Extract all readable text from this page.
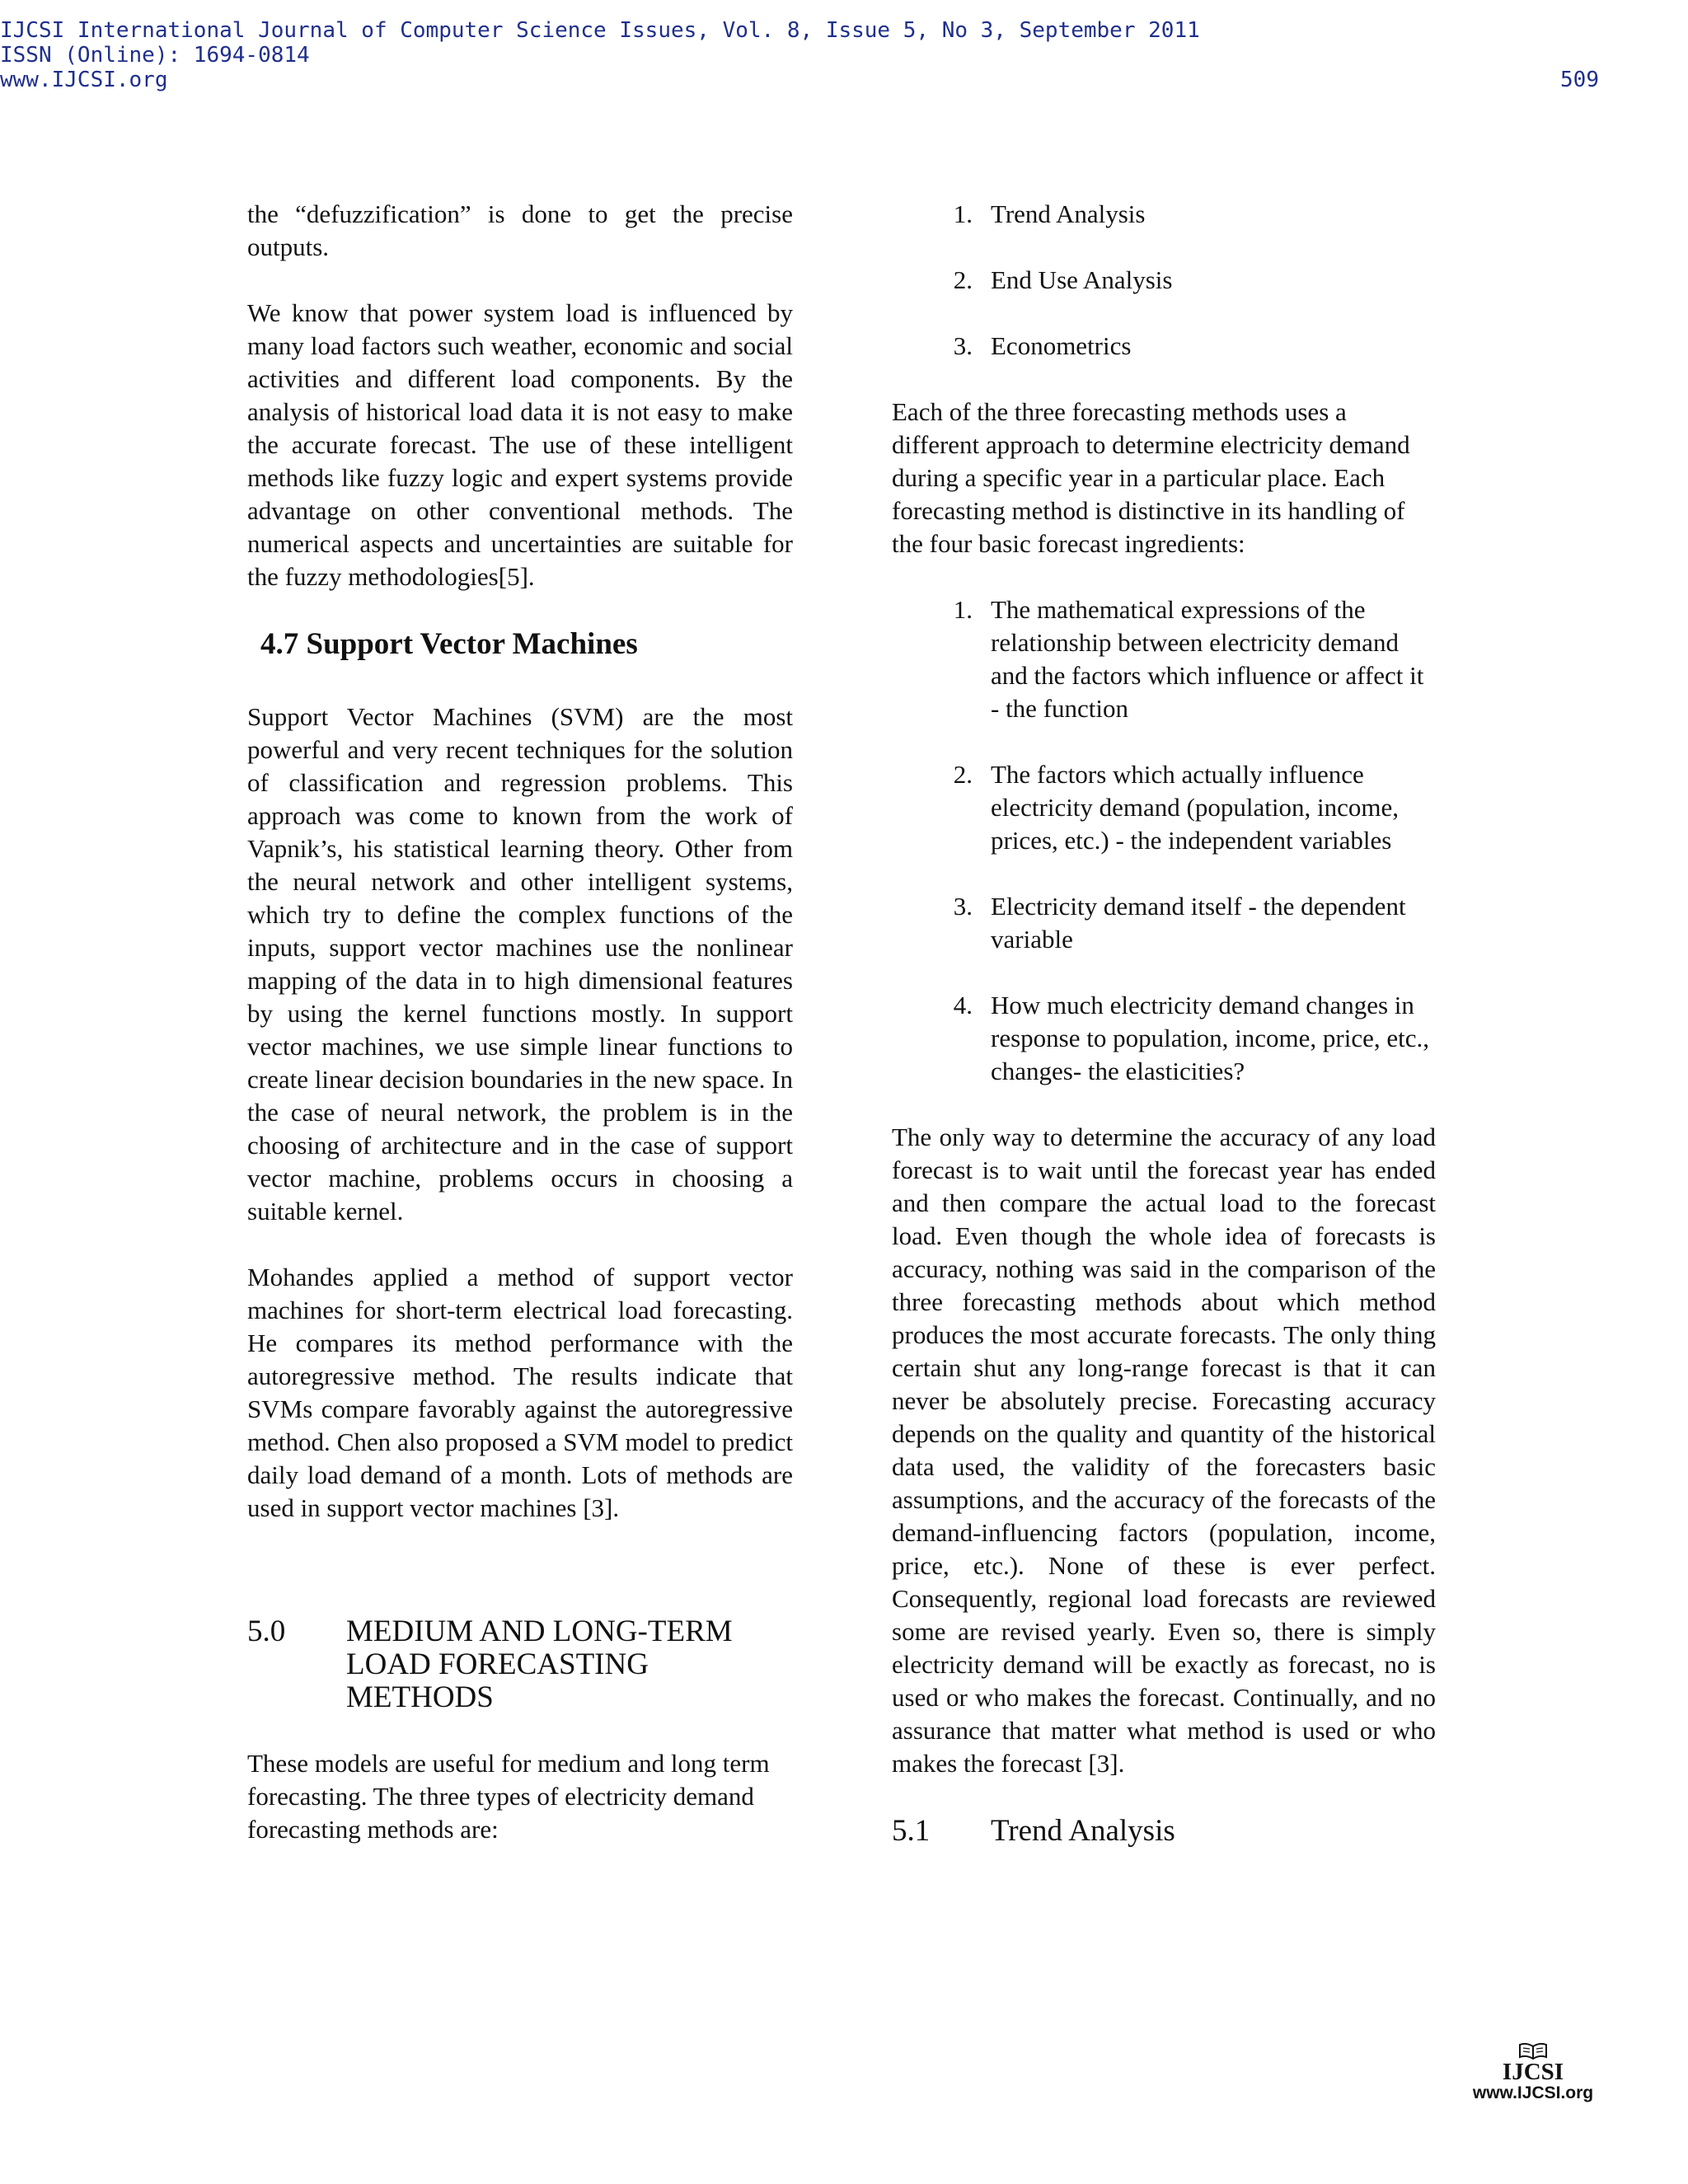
IJCSI International Journal of Computer Science Issues, Vol. 8, Issue 5, No 3, September 2011
ISSN (Online): 1694-0814
www.IJCSI.org	509

the “defuzzification” is done to get the precise outputs.

We know that power system load is influenced by many load factors such weather, economic and social activities and different load components. By the analysis of historical load data it is not easy to make the accurate forecast. The use of these intelligent methods like fuzzy logic and expert systems provide advantage on other conventional methods. The numerical aspects and uncertainties are suitable for the fuzzy methodologies[5].

4.7 Support Vector Machines

Support Vector Machines (SVM) are the most powerful and very recent techniques for the solution of classification and regression problems. This approach was come to known from the work of Vapnik’s, his statistical learning theory. Other from the neural network and other intelligent systems, which try to define the complex functions of the inputs, support vector machines use the nonlinear mapping of the data in to high dimensional features by using the kernel functions mostly. In support vector machines, we use simple linear functions to create linear decision boundaries in the new space. In the case of neural network, the problem is in the choosing of architecture and in the case of support vector machine, problems occurs in choosing a suitable kernel.

Mohandes applied a method of support vector machines for short-term electrical load forecasting. He compares its method performance with the autoregressive method. The results indicate that SVMs compare favorably against the autoregressive method. Chen also proposed a SVM model to predict daily load demand of a month. Lots of methods are used in support vector machines [3].

5.0	MEDIUM AND LONG-TERM LOAD FORECASTING METHODS

These models are useful for medium and long term forecasting. The three types of electricity demand forecasting methods are:

1. Trend Analysis
2. End Use Analysis
3. Econometrics

Each of the three forecasting methods uses a different approach to determine electricity demand during a specific year in a particular place. Each forecasting method is distinctive in its handling of the four basic forecast ingredients:

1. The mathematical expressions of the relationship between electricity demand and the factors which influence or affect it - the function
2. The factors which actually influence electricity demand (population, income, prices, etc.) - the independent variables
3. Electricity demand itself - the dependent variable
4. How much electricity demand changes in response to population, income, price, etc., changes- the elasticities?

The only way to determine the accuracy of any load forecast is to wait until the forecast year has ended and then compare the actual load to the forecast load. Even though the whole idea of forecasts is accuracy, nothing was said in the comparison of the three forecasting methods about which method produces the most accurate forecasts. The only thing certain shut any long-range forecast is that it can never be absolutely precise. Forecasting accuracy depends on the quality and quantity of the historical data used, the validity of the forecasters basic assumptions, and the accuracy of the forecasts of the demand-influencing factors (population, income, price, etc.). None of these is ever perfect. Consequently, regional load forecasts are reviewed some are revised yearly. Even so, there is simply electricity demand will be exactly as forecast, no is used or who makes the forecast. Continually, and no assurance that matter what method is used or who makes the forecast [3].

5.1	Trend Analysis
IJCSI
www.IJCSI.org
